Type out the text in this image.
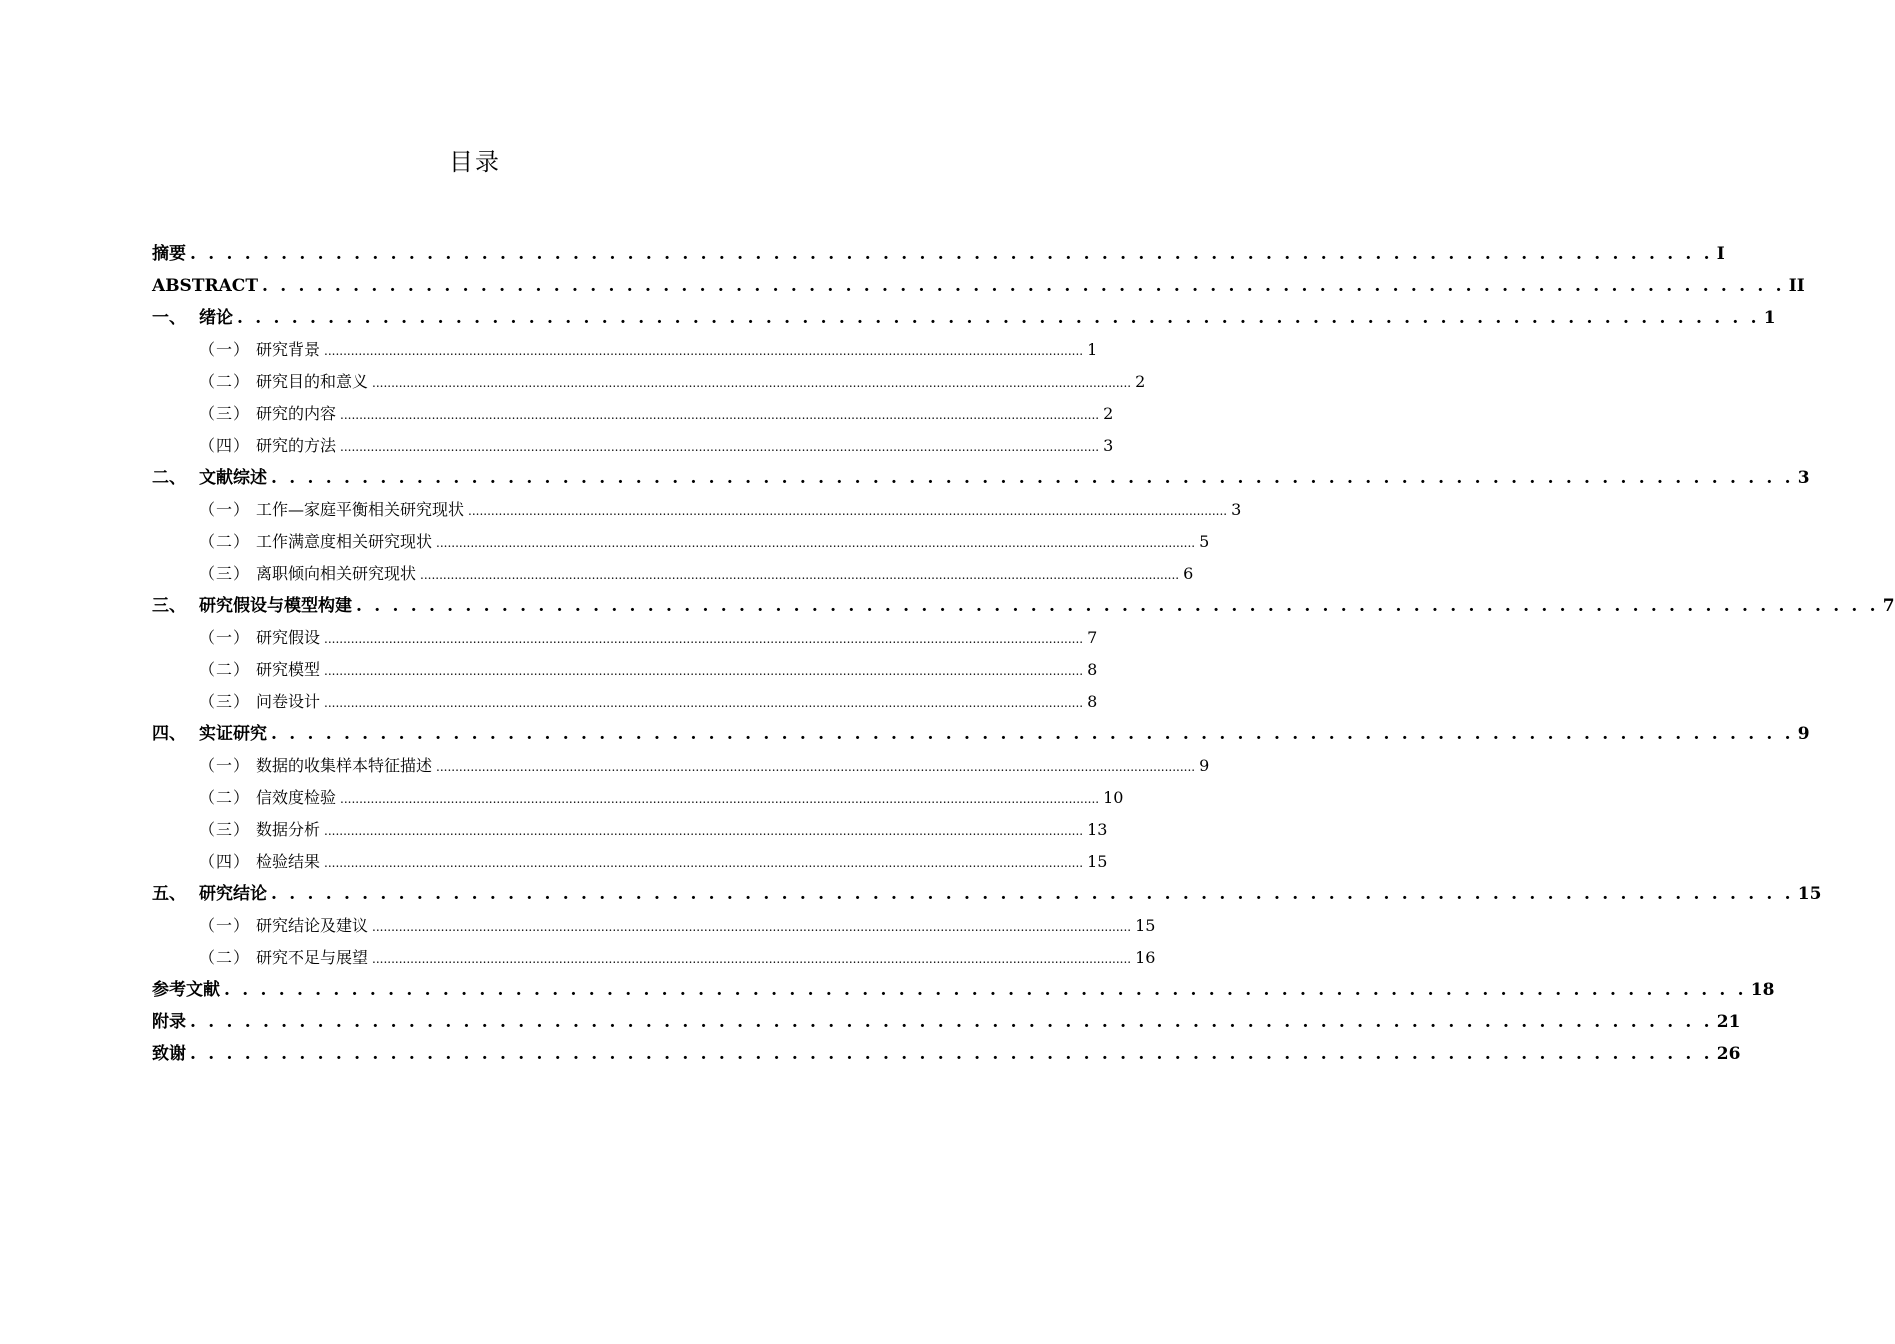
目录
摘要 . . . . . . . . . . . . . . . . . . . . . . . . . . . . . . . . . . . . . . . . . . . . . . . . . . . . . . . . . . . . . . . . . . . . . . . . . . . . . . . . . . . . I
ABSTRACT . . . . . . . . . . . . . . . . . . . . . . . . . . . . . . . . . . . . . . . . . . . . . . . . . . . . . . . . . . . . . . . . . . . . . . . . . . . . . . . . . . . . II
一、 绪论 . . . . . . . . . . . . . . . . . . . . . . . . . . . . . . . . . . . . . . . . . . . . . . . . . . . . . . . . . . . . . . . . . . . . . . . . . . . . . . . . . . . . 1
（一） 研究背景 ....................................................................................................................................................................................................... 1
（二） 研究目的和意义 ....................................................................................................................................................................................................... 2
（三） 研究的内容 ....................................................................................................................................................................................................... 2
（四） 研究的方法 ....................................................................................................................................................................................................... 3
二、 文献综述 . . . . . . . . . . . . . . . . . . . . . . . . . . . . . . . . . . . . . . . . . . . . . . . . . . . . . . . . . . . . . . . . . . . . . . . . . . . . . . . . . . . . 3
（一） 工作—家庭平衡相关研究现状 ....................................................................................................................................................................................................... 3
（二） 工作满意度相关研究现状 ....................................................................................................................................................................................................... 5
（三） 离职倾向相关研究现状 ....................................................................................................................................................................................................... 6
三、 研究假设与模型构建 . . . . . . . . . . . . . . . . . . . . . . . . . . . . . . . . . . . . . . . . . . . . . . . . . . . . . . . . . . . . . . . . . . . . . . . . . . . . . . . . . . . . 7
（一） 研究假设 ....................................................................................................................................................................................................... 7
（二） 研究模型 ....................................................................................................................................................................................................... 8
（三） 问卷设计 ....................................................................................................................................................................................................... 8
四、 实证研究 . . . . . . . . . . . . . . . . . . . . . . . . . . . . . . . . . . . . . . . . . . . . . . . . . . . . . . . . . . . . . . . . . . . . . . . . . . . . . . . . . . . . 9
（一） 数据的收集样本特征描述 ....................................................................................................................................................................................................... 9
（二） 信效度检验 ....................................................................................................................................................................................................... 10
（三） 数据分析 ....................................................................................................................................................................................................... 13
（四） 检验结果 ....................................................................................................................................................................................................... 15
五、 研究结论 . . . . . . . . . . . . . . . . . . . . . . . . . . . . . . . . . . . . . . . . . . . . . . . . . . . . . . . . . . . . . . . . . . . . . . . . . . . . . . . . . . . . 15
（一） 研究结论及建议 ....................................................................................................................................................................................................... 15
（二） 研究不足与展望 ....................................................................................................................................................................................................... 16
参考文献 . . . . . . . . . . . . . . . . . . . . . . . . . . . . . . . . . . . . . . . . . . . . . . . . . . . . . . . . . . . . . . . . . . . . . . . . . . . . . . . . . . . . 18
附录 . . . . . . . . . . . . . . . . . . . . . . . . . . . . . . . . . . . . . . . . . . . . . . . . . . . . . . . . . . . . . . . . . . . . . . . . . . . . . . . . . . . . 21
致谢 . . . . . . . . . . . . . . . . . . . . . . . . . . . . . . . . . . . . . . . . . . . . . . . . . . . . . . . . . . . . . . . . . . . . . . . . . . . . . . . . . . . . 26
